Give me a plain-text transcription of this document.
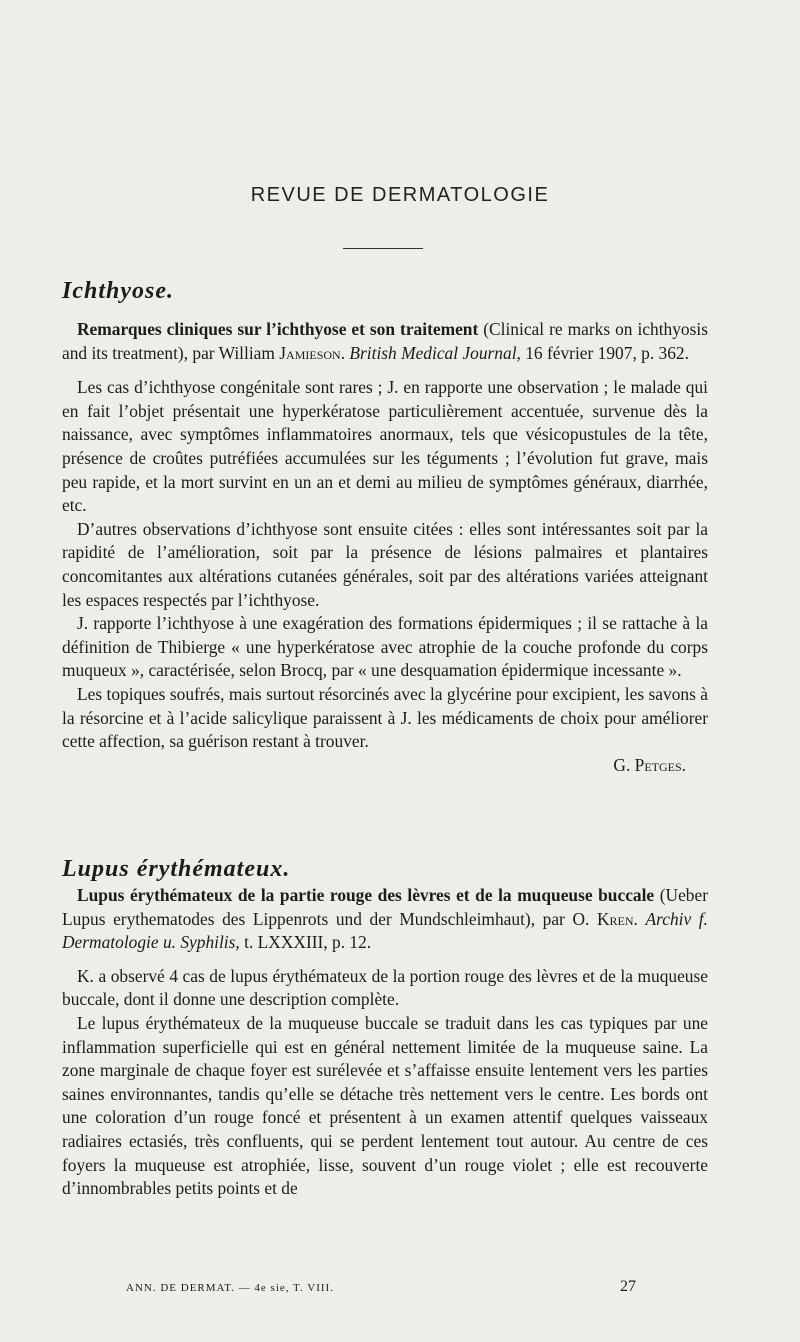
REVUE DE DERMATOLOGIE
Ichthyose.

Remarques cliniques sur l’ichthyose et son traitement (Clinical re marks on ichthyosis and its treatment), par William Jamieson. British Medical Journal, 16 février 1907, p. 362.

Les cas d’ichthyose congénitale sont rares ; J. en rapporte une observation ; le malade qui en fait l’objet présentait une hyperkératose particulièrement accentuée, survenue dès la naissance, avec symptômes inflammatoires anormaux, tels que vésicopustules de la tête, présence de croûtes putréfiées accumulées sur les téguments ; l’évolution fut grave, mais peu rapide, et la mort survint en un an et demi au milieu de symptômes généraux, diarrhée, etc.

D’autres observations d’ichthyose sont ensuite citées : elles sont intéressantes soit par la rapidité de l’amélioration, soit par la présence de lésions palmaires et plantaires concomitantes aux altérations cutanées générales, soit par des altérations variées atteignant les espaces respectés par l’ichthyose.

J. rapporte l’ichthyose à une exagération des formations épidermiques ; il se rattache à la définition de Thibierge « une hyperkératose avec atrophie de la couche profonde du corps muqueux », caractérisée, selon Brocq, par « une desquamation épidermique incessante ».

Les topiques soufrés, mais surtout résorcinés avec la glycérine pour excipient, les savons à la résorcine et à l’acide salicylique paraissent à J. les médicaments de choix pour améliorer cette affection, sa guérison restant à trouver.

G. Petges.
Lupus érythémateux.

Lupus érythémateux de la partie rouge des lèvres et de la muqueuse buccale (Ueber Lupus erythematodes des Lippenrots und der Mundschleimhaut), par O. Kren. Archiv f. Dermatologie u. Syphilis, t. LXXXIII, p. 12.

K. a observé 4 cas de lupus érythémateux de la portion rouge des lèvres et de la muqueuse buccale, dont il donne une description complète.

Le lupus érythémateux de la muqueuse buccale se traduit dans les cas typiques par une inflammation superficielle qui est en général nettement limitée de la muqueuse saine. La zone marginale de chaque foyer est surélevée et s’affaisse ensuite lentement vers les parties saines environnantes, tandis qu’elle se détache très nettement vers le centre. Les bords ont une coloration d’un rouge foncé et présentent à un examen attentif quelques vaisseaux radiaires ectasiés, très confluents, qui se perdent lentement tout autour. Au centre de ces foyers la muqueuse est atrophiée, lisse, souvent d’un rouge violet ; elle est recouverte d’innombrables petits points et de

ANN. DE DERMAT. — 4e sie, T. VIII.	27
